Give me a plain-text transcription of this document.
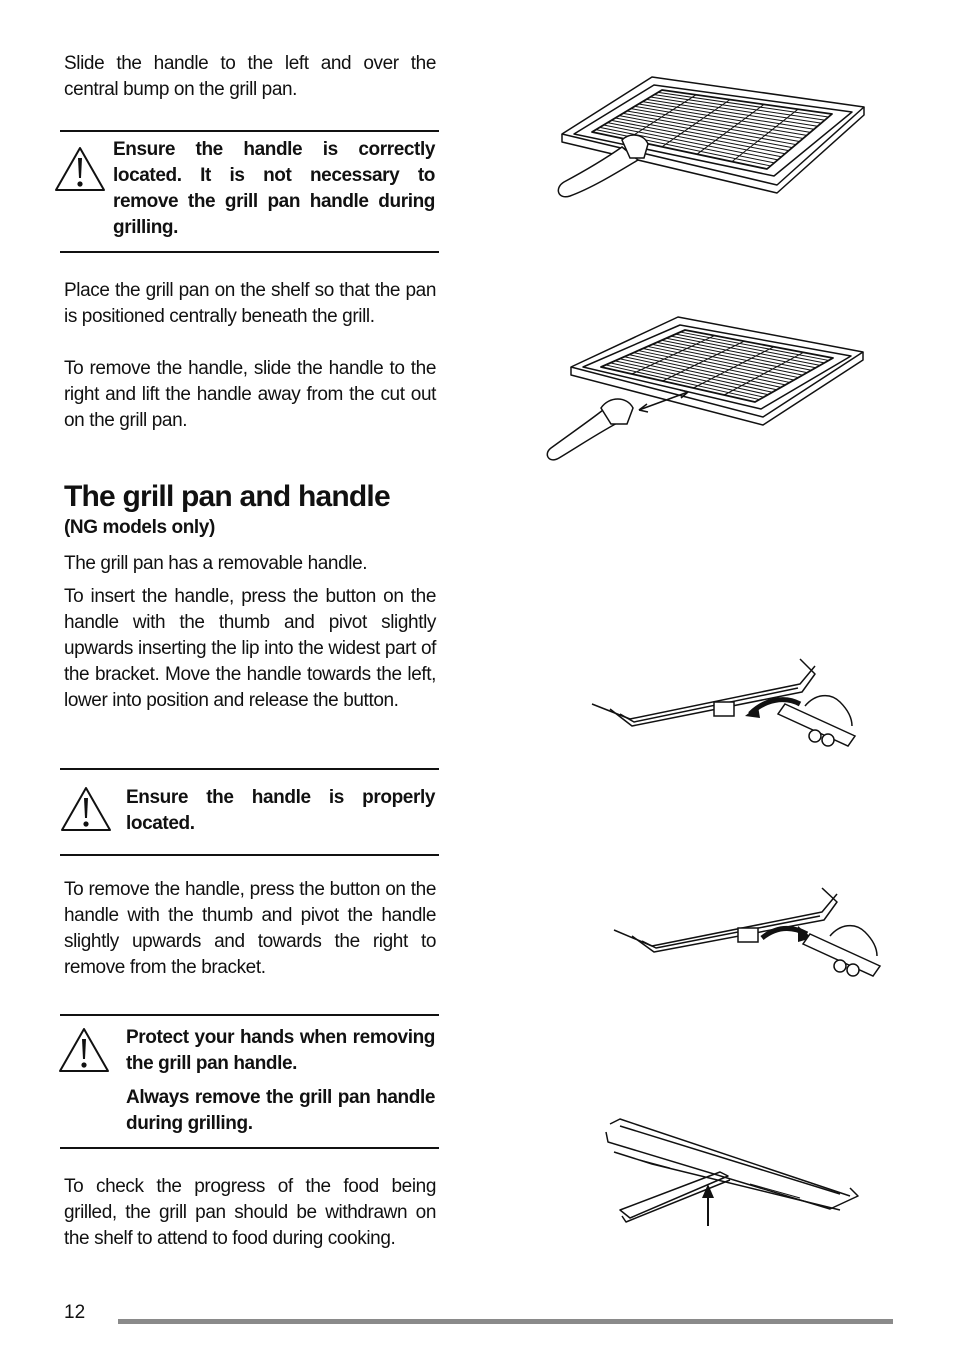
Slide the handle to the left and over the central bump on the grill pan.
Ensure the handle is correctly located. It is not necessary to remove the grill pan handle during grilling.
Place the grill pan on the shelf so that the pan is positioned centrally beneath the grill.
To remove the handle, slide the handle to the right and lift the handle away from the cut out on the grill pan.
The grill pan and handle
(NG models only)
The grill pan has a removable handle.
To insert the handle, press the button on the handle with the thumb and pivot slightly upwards inserting the lip into the widest part of the bracket. Move the handle towards the left, lower into position and release the button.
Ensure the handle is properly located.
To remove the handle, press the button on the handle with the thumb and pivot the handle slightly upwards and towards the right to remove from the bracket.
Protect your hands when removing the grill pan handle.
Always remove the grill pan handle during grilling.
To check the progress of the food being grilled, the grill pan should be withdrawn on the shelf to attend to food during cooking.
12
